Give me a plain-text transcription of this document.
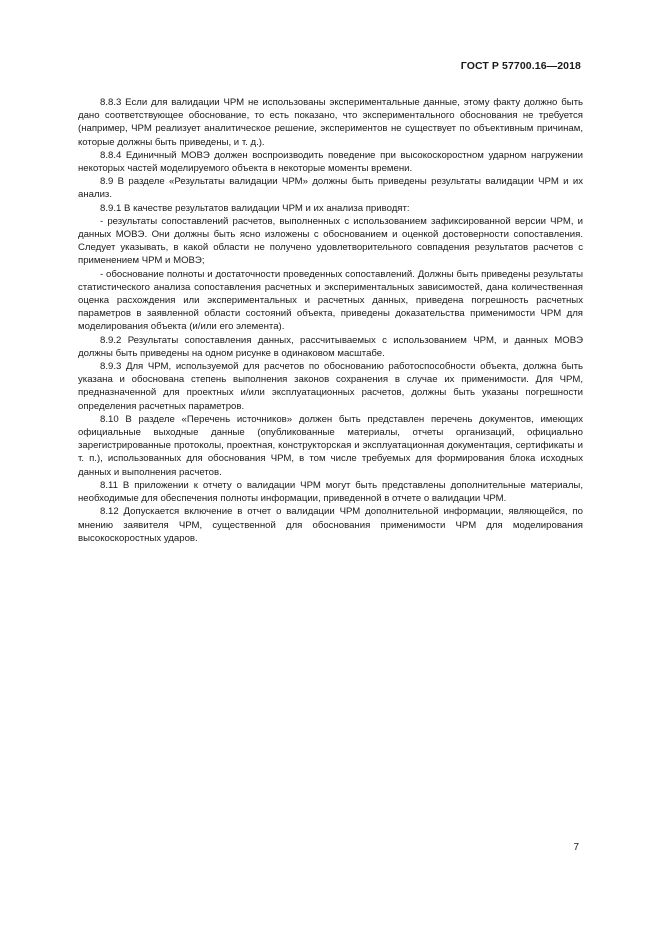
ГОСТ Р 57700.16—2018

8.8.3 Если для валидации ЧРМ не использованы экспериментальные данные, этому факту должно быть дано соответствующее обоснование, то есть показано, что экспериментального обоснования не требуется (например, ЧРМ реализует аналитическое решение, экспериментов не существует по объективным причинам, которые должны быть приведены, и т. д.).

8.8.4 Единичный МОВЭ должен воспроизводить поведение при высокоскоростном ударном нагружении некоторых частей моделируемого объекта в некоторые моменты времени.

8.9 В разделе «Результаты валидации ЧРМ» должны быть приведены результаты валидации ЧРМ и их анализ.

8.9.1 В качестве результатов валидации ЧРМ и их анализа приводят:

- результаты сопоставлений расчетов, выполненных с использованием зафиксированной версии ЧРМ, и данных МОВЭ. Они должны быть ясно изложены с обоснованием и оценкой достоверности сопоставления. Следует указывать, в какой области не получено удовлетворительного совпадения результатов расчетов с применением ЧРМ и МОВЭ;

- обоснование полноты и достаточности проведенных сопоставлений. Должны быть приведены результаты статистического анализа сопоставления расчетных и экспериментальных зависимостей, дана количественная оценка расхождения или экспериментальных и расчетных данных, приведена погрешность расчетных параметров в заявленной области состояний объекта, приведены доказательства применимости ЧРМ для моделирования объекта (и/или его элемента).

8.9.2 Результаты сопоставления данных, рассчитываемых с использованием ЧРМ, и данных МОВЭ должны быть приведены на одном рисунке в одинаковом масштабе.

8.9.3 Для ЧРМ, используемой для расчетов по обоснованию работоспособности объекта, должна быть указана и обоснована степень выполнения законов сохранения в случае их применимости. Для ЧРМ, предназначенной для проектных и/или эксплуатационных расчетов, должны быть указаны погрешности определения расчетных параметров.

8.10 В разделе «Перечень источников» должен быть представлен перечень документов, имеющих официальные выходные данные (опубликованные материалы, отчеты организаций, официально зарегистрированные протоколы, проектная, конструкторская и эксплуатационная документация, сертификаты и т. п.), использованных для обоснования ЧРМ, в том числе требуемых для формирования блока исходных данных и выполнения расчетов.

8.11 В приложении к отчету о валидации ЧРМ могут быть представлены дополнительные материалы, необходимые для обеспечения полноты информации, приведенной в отчете о валидации ЧРМ.

8.12 Допускается включение в отчет о валидации ЧРМ дополнительной информации, являющейся, по мнению заявителя ЧРМ, существенной для обоснования применимости ЧРМ для моделирования высокоскоростных ударов.

7
